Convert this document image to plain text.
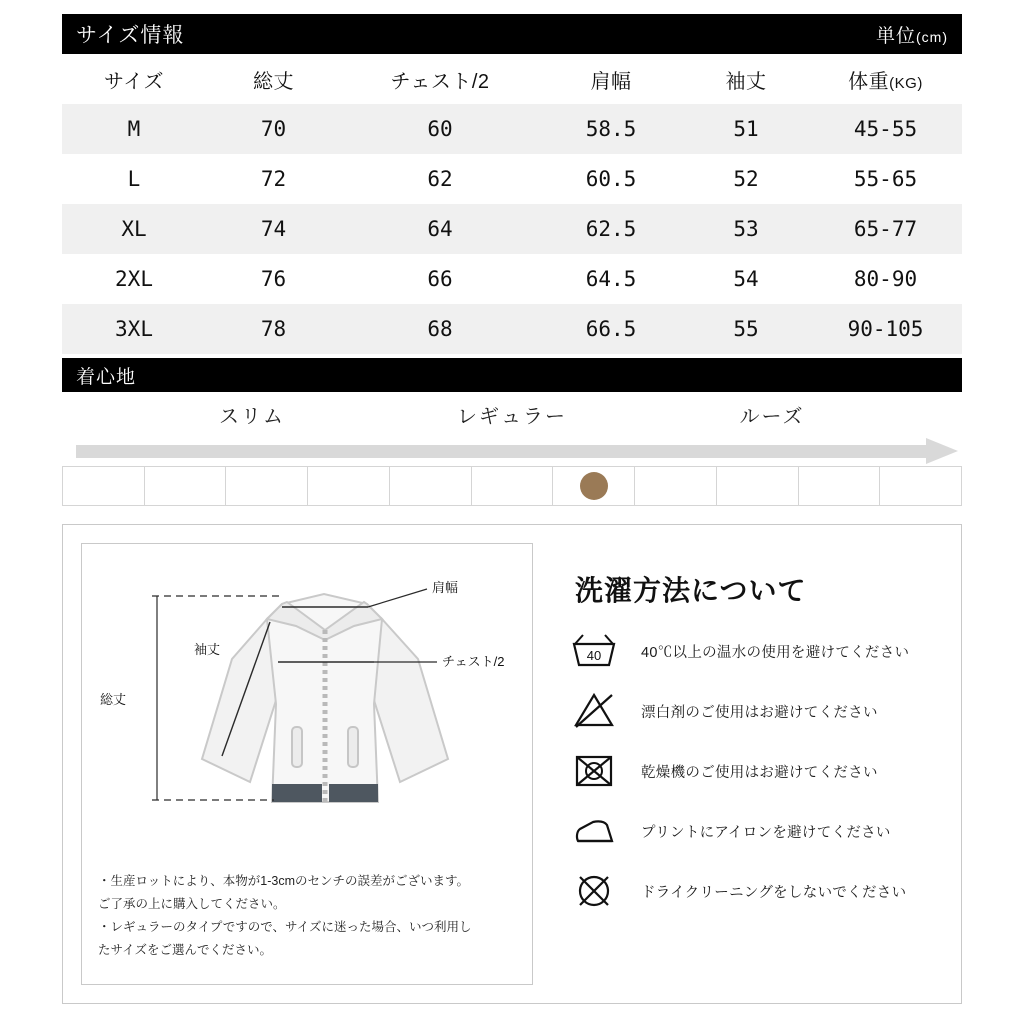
サイズ情報	単位(cm)
サイズ	総丈	チェスト/2	肩幅	袖丈	体重(KG)
M	70	60	58.5	51	45-55
L	72	62	60.5	52	55-65
XL	74	64	62.5	53	65-77
2XL	76	66	64.5	54	80-90
3XL	78	68	66.5	55	90-105
着心地
スリム	レギュラー	ルーズ
肩幅
チェスト/2
袖丈
総丈
・生産ロットにより、本物が1-3cmのセンチの誤差がございます。
ご了承の上に購入してください。
・レギュラーのタイプですので、サイズに迷った場合、いつ利用し
たサイズをご選んでください。
洗濯方法について
40	40℃以上の温水の使用を避けてください
漂白剤のご使用はお避けてください
乾燥機のご使用はお避けてください
プリントにアイロンを避けてください
ドライクリーニングをしないでください
